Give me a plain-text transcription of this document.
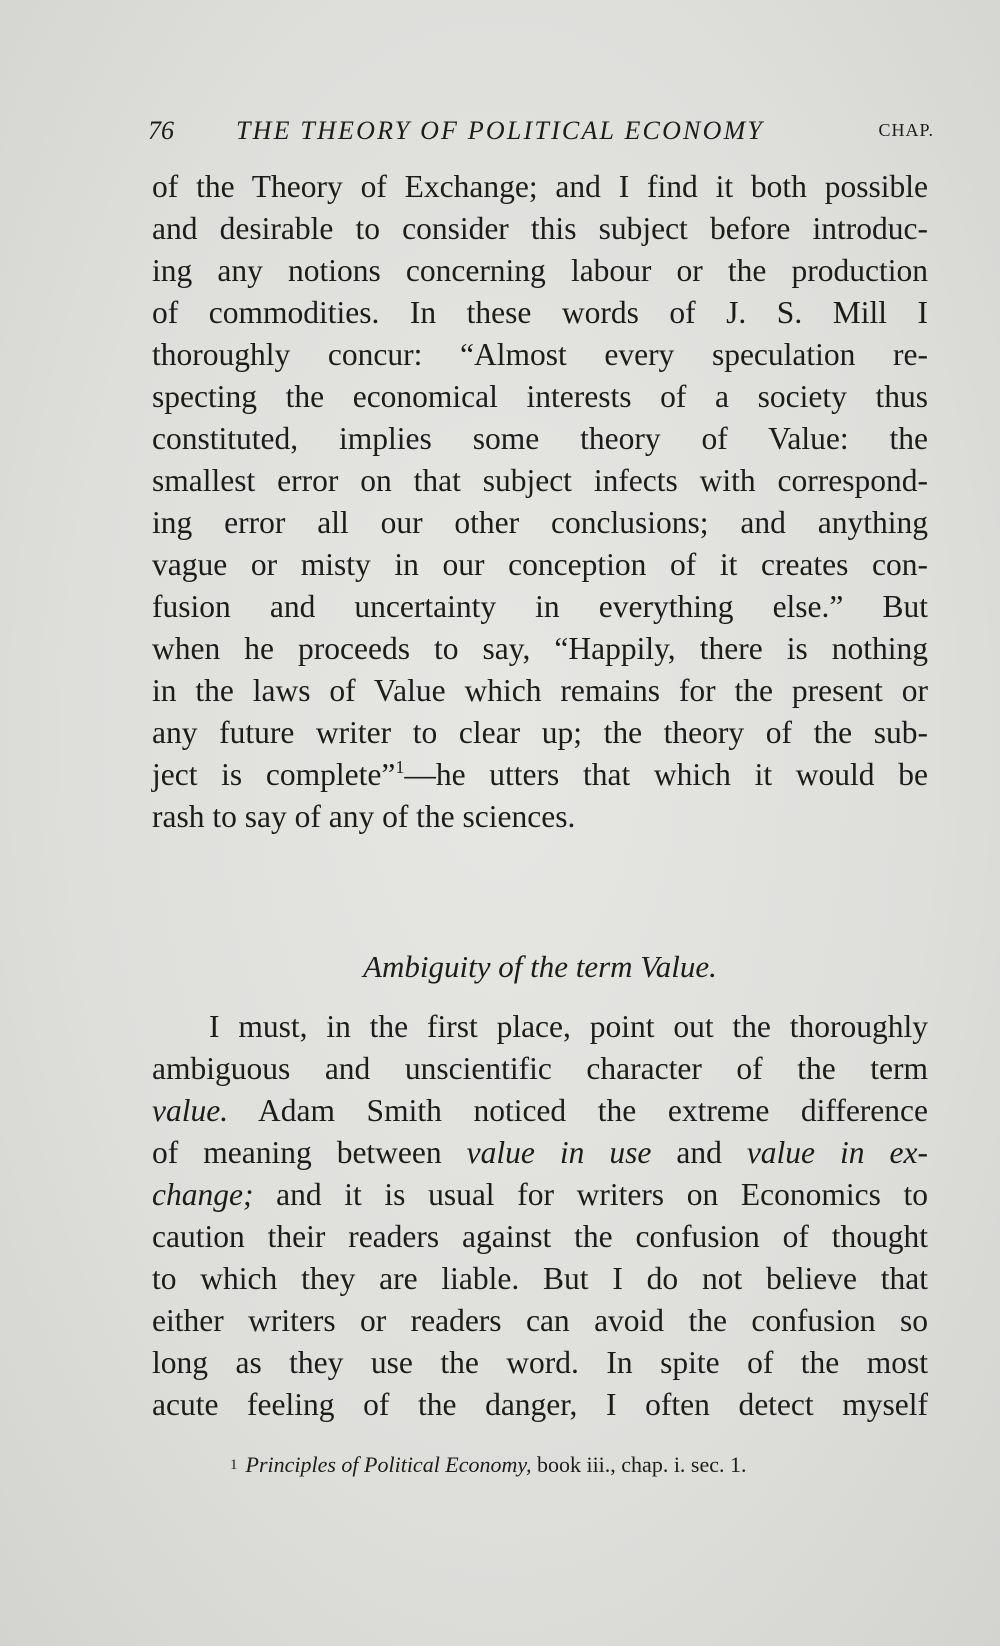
76 THE THEORY OF POLITICAL ECONOMY	CHAP.
of the Theory of Exchange; and I find it both possible
and desirable to consider this subject before introduc-
ing any notions concerning labour or the production
of commodities. In these words of J. S. Mill I
thoroughly concur: “Almost every speculation re-
specting the economical interests of a society thus
constituted, implies some theory of Value: the
smallest error on that subject infects with correspond-
ing error all our other conclusions; and anything
vague or misty in our conception of it creates con-
fusion and uncertainty in everything else.” But
when he proceeds to say, “Happily, there is nothing
in the laws of Value which remains for the present or
any future writer to clear up; the theory of the sub-
ject is complete”$^1$—he utters that which it would be
rash to say of any of the sciences.
Ambiguity of the term Value.
I must, in the first place, point out the thoroughly
ambiguous and unscientific character of the term
value. Adam Smith noticed the extreme difference
of meaning between value in use and value in ex-
change; and it is usual for writers on Economics to
caution their readers against the confusion of thought
to which they are liable. But I do not believe that
either writers or readers can avoid the confusion so
long as they use the word. In spite of the most
acute feeling of the danger, I often detect myself
$^1$ Principles of Political Economy, book iii., chap. i. sec. 1.
